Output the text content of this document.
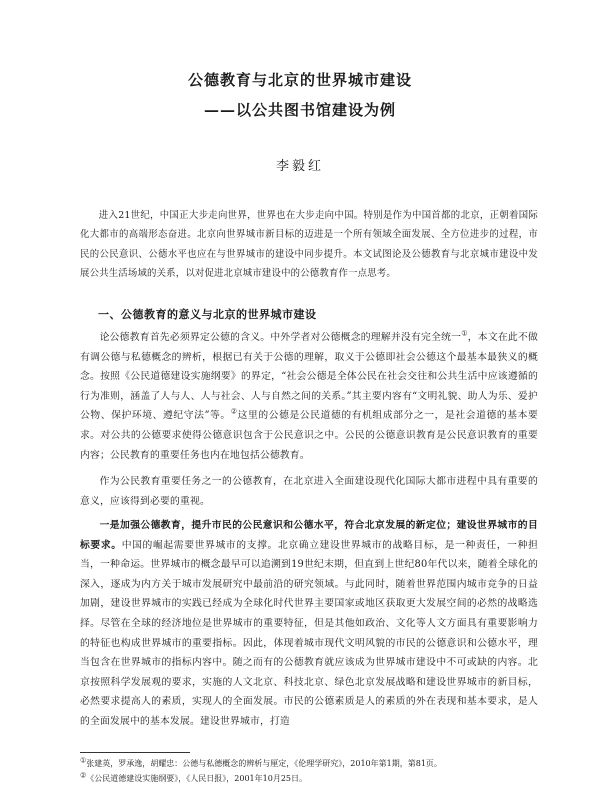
公德教育与北京的世界城市建设
——以公共图书馆建设为例

李毅红

进入21世纪，中国正大步走向世界，世界也在大步走向中国。特别是作为中国首都的北京，正朝着国际化大都市的高端形态奋进。北京向世界城市新目标的迈进是一个所有领域全面发展、全方位进步的过程，市民的公民意识、公德水平也应在与世界城市的建设中同步提升。本文试图论及公德教育与北京城市建设中发展公共生活场域的关系，以对促进北京城市建设中的公德教育作一点思考。

一、公德教育的意义与北京的世界城市建设

论公德教育首先必须界定公德的含义。中外学者对公德概念的理解并没有完全统一①，本文在此不做有调公德与私德概念的辨析，根据已有关于公德的理解，取义于公德即社会公德这个最基本最狭义的概念。按照《公民道德建设实施纲要》的界定，“社会公德是全体公民在社会交往和公共生活中应该遵循的行为准则，涵盖了人与人、人与社会、人与自然之间的关系。”其主要内容有“文明礼貌、助人为乐、爱护公物、保护环境、遵纪守法”等。②这里的公德是公民道德的有机组成部分之一，是社会道德的基本要求。对公共的公德要求使得公德意识包含于公民意识之中。公民的公德意识教育是公民意识教育的重要内容；公民教育的重要任务也内在地包括公德教育。

作为公民教育重要任务之一的公德教育，在北京进入全面建设现代化国际大都市进程中具有重要的意义，应该得到必要的重视。

一是加强公德教育，提升市民的公民意识和公德水平，符合北京发展的新定位；建设世界城市的目标要求。中国的崛起需要世界城市的支撑。北京确立建设世界城市的战略目标，是一种责任，一种担当，一种命运。世界城市的概念最早可以追溯到19世纪末期，但直到上世纪80年代以来，随着全球化的深入，逐成为内方关于城市发展研究中最前沿的研究领域。与此同时，随着世界范围内城市竞争的日益加剧，建设世界城市的实践已经成为全球化时代世界主要国家或地区获取更大发展空间的必然的战略选择。尽管在全球的经济地位是世界城市的重要特征，但是其他如政治、文化等人文方面具有重要影响力的特征也构成世界城市的重要指标。因此，体现着城市现代文明风貌的市民的公德意识和公德水平，理当包含在世界城市的指标内容中。随之而有的公德教育就应该成为世界城市建设中不可或缺的内容。北京按照科学发展观的要求，实施的人文北京、科技北京、绿色北京发展战略和建设世界城市的新目标，必然要求提高人的素质，实现人的全面发展。市民的公德素质是人的素质的外在表现和基本要求，是人的全面发展中的基本发展。建设世界城市，打造

①张建英，罗承逸，胡耀忠：公德与私德概念的辨析与厘定，《伦理学研究》，2010年第1期，第81页。

②《公民道德建设实施纲要》，《人民日报》，2001年10月25日。
